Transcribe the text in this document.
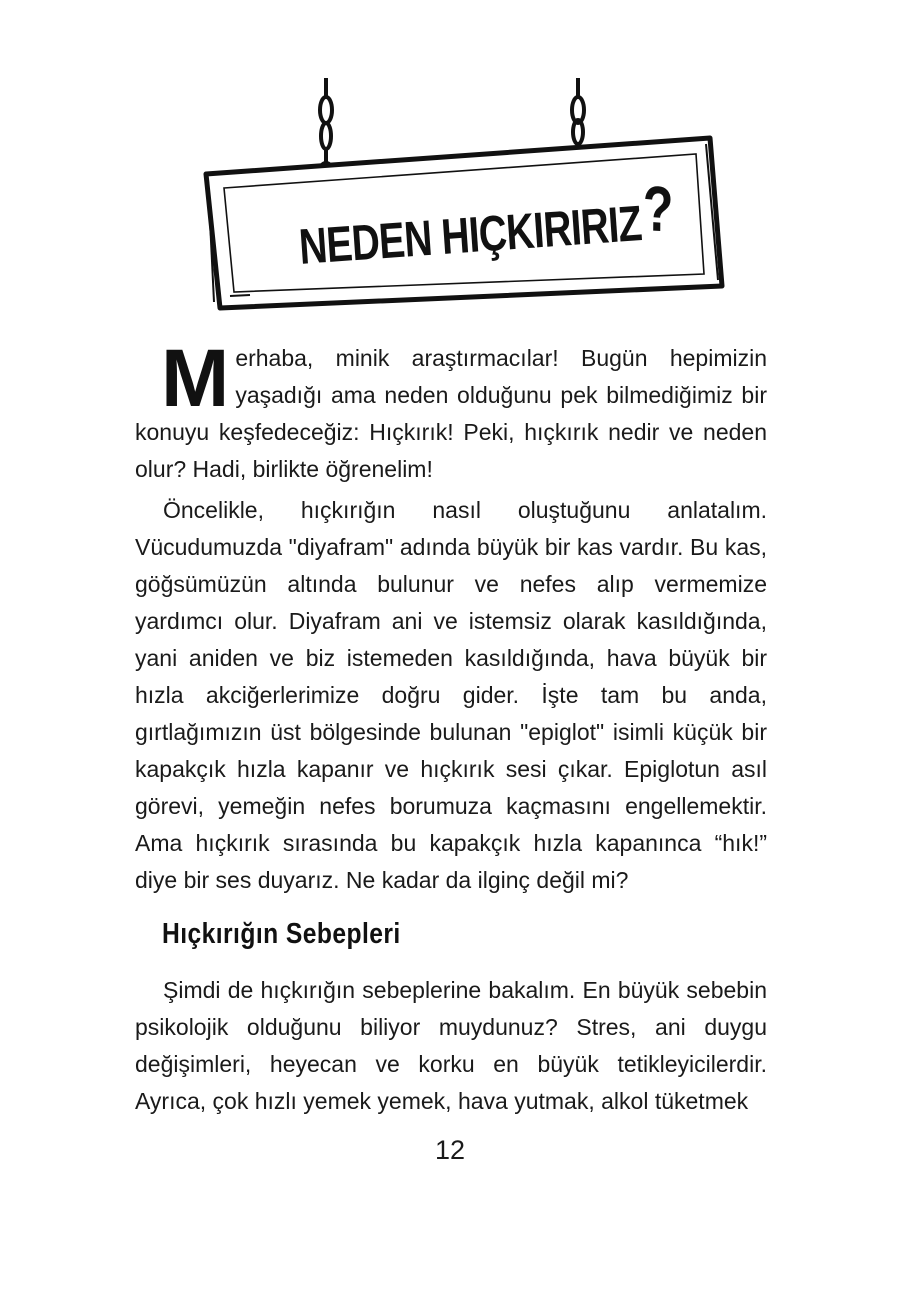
NEDEN HIÇKIRIRIZ?
Merhaba, minik araştırmacılar! Bugün hepimizin yaşadığı ama neden olduğunu pek bilmediğimiz bir konuyu keşfedeceğiz: Hıçkırık! Peki, hıçkırık nedir ve neden olur? Hadi, birlikte öğrenelim!
Öncelikle, hıçkırığın nasıl oluştuğunu anlatalım. Vücudumuzda "diyafram" adında büyük bir kas vardır. Bu kas, göğsümüzün altında bulunur ve nefes alıp vermemize yardımcı olur. Diyafram ani ve istemsiz olarak kasıldığında, yani aniden ve biz istemeden kasıldığında, hava büyük bir hızla akciğerlerimize doğru gider. İşte tam bu anda, gırtlağımızın üst bölgesinde bulunan "epiglot" isimli küçük bir kapakçık hızla kapanır ve hıçkırık sesi çıkar. Epiglotun asıl görevi, yemeğin nefes borumuza kaçmasını engellemektir. Ama hıçkırık sırasında bu kapakçık hızla kapanınca “hık!” diye bir ses duyarız. Ne kadar da ilginç değil mi?
Hıçkırığın Sebepleri
Şimdi de hıçkırığın sebeplerine bakalım. En büyük sebebin psikolojik olduğunu biliyor muydunuz? Stres, ani duygu değişimleri, heyecan ve korku en büyük tetikleyicilerdir. Ayrıca, çok hızlı yemek yemek, hava yutmak, alkol tüketmek
12
